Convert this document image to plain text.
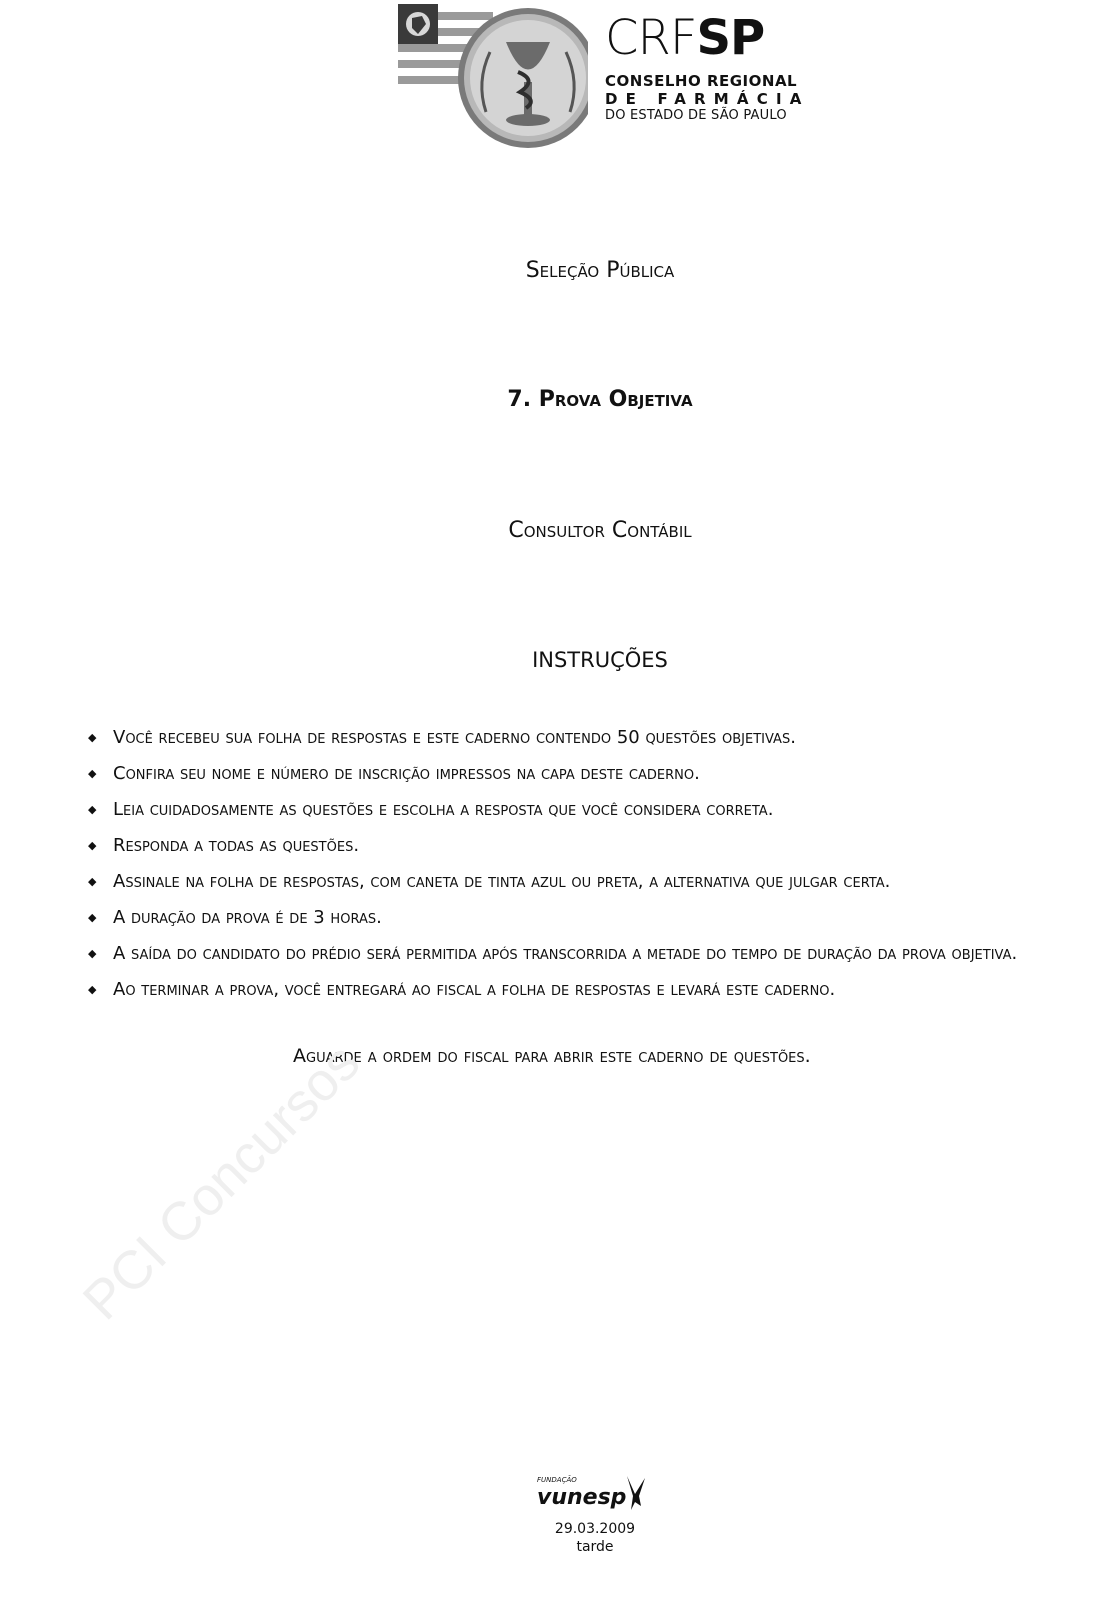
CRFSP
CONSELHO REGIONAL
DE FARMÁCIA
DO ESTADO DE SÃO PAULO
Seleção Pública
7. Prova Objetiva
Consultor Contábil
INSTRUÇÕES
◆ Você recebeu sua folha de respostas e este caderno contendo 50 questões objetivas.
◆ Confira seu nome e número de inscrição impressos na capa deste caderno.
◆ Leia cuidadosamente as questões e escolha a resposta que você considera correta.
◆ Responda a todas as questões.
◆ Assinale na folha de respostas, com caneta de tinta azul ou preta, a alternativa que julgar certa.
◆ A duração da prova é de 3 horas.
◆ A saída do candidato do prédio será permitida após transcorrida a metade do tempo de duração da prova objetiva.
◆ Ao terminar a prova, você entregará ao fiscal a folha de respostas e levará este caderno.
Aguarde a ordem do fiscal para abrir este caderno de questões.
PCI Concursos
FUNDAÇÃO
vunesp
29.03.2009
tarde
